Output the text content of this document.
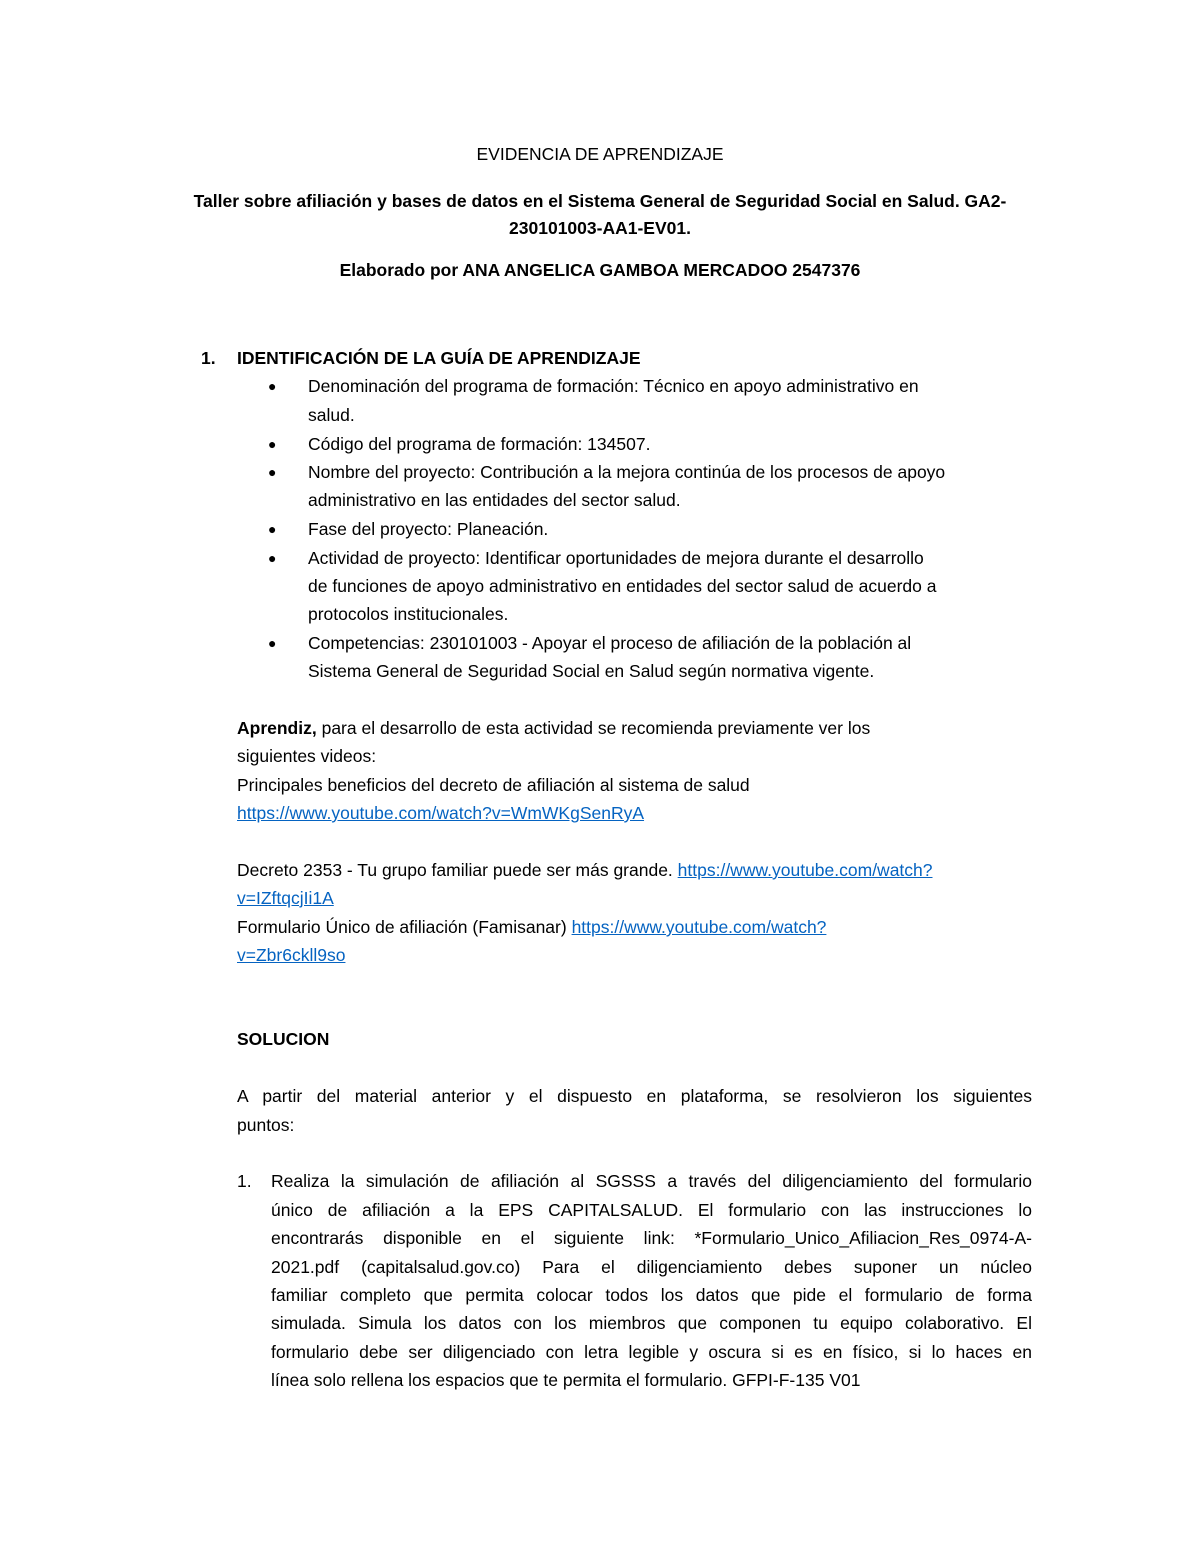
EVIDENCIA DE APRENDIZAJE
Taller sobre afiliación y bases de datos en el Sistema General de Seguridad Social en Salud. GA2-
230101003-AA1-EV01.
Elaborado por ANA ANGELICA GAMBOA MERCADOO 2547376
1. IDENTIFICACIÓN DE LA GUÍA DE APRENDIZAJE
● Denominación del programa de formación: Técnico en apoyo administrativo en
salud.
● Código del programa de formación: 134507.
● Nombre del proyecto: Contribución a la mejora continúa de los procesos de apoyo
administrativo en las entidades del sector salud.
● Fase del proyecto: Planeación.
● Actividad de proyecto: Identificar oportunidades de mejora durante el desarrollo
de funciones de apoyo administrativo en entidades del sector salud de acuerdo a
protocolos institucionales.
● Competencias: 230101003 - Apoyar el proceso de afiliación de la población al
Sistema General de Seguridad Social en Salud según normativa vigente.
Aprendiz, para el desarrollo de esta actividad se recomienda previamente ver los
siguientes videos:
Principales beneficios del decreto de afiliación al sistema de salud
https://www.youtube.com/watch?v=WmWKgSenRyA
Decreto 2353 - Tu grupo familiar puede ser más grande. https://www.youtube.com/watch?
v=IZftqcjIi1A
Formulario Único de afiliación (Famisanar) https://www.youtube.com/watch?
v=Zbr6ckll9so
SOLUCION
A partir del material anterior y el dispuesto en plataforma, se resolvieron los siguientes
puntos:
1. Realiza la simulación de afiliación al SGSSS a través del diligenciamiento del formulario
único de afiliación a la EPS CAPITALSALUD. El formulario con las instrucciones lo
encontrarás disponible en el siguiente link: *Formulario_Unico_Afiliacion_Res_0974-A-
2021.pdf (capitalsalud.gov.co) Para el diligenciamiento debes suponer un núcleo
familiar completo que permita colocar todos los datos que pide el formulario de forma
simulada. Simula los datos con los miembros que componen tu equipo colaborativo. El
formulario debe ser diligenciado con letra legible y oscura si es en físico, si lo haces en
línea solo rellena los espacios que te permita el formulario. GFPI-F-135 V01
